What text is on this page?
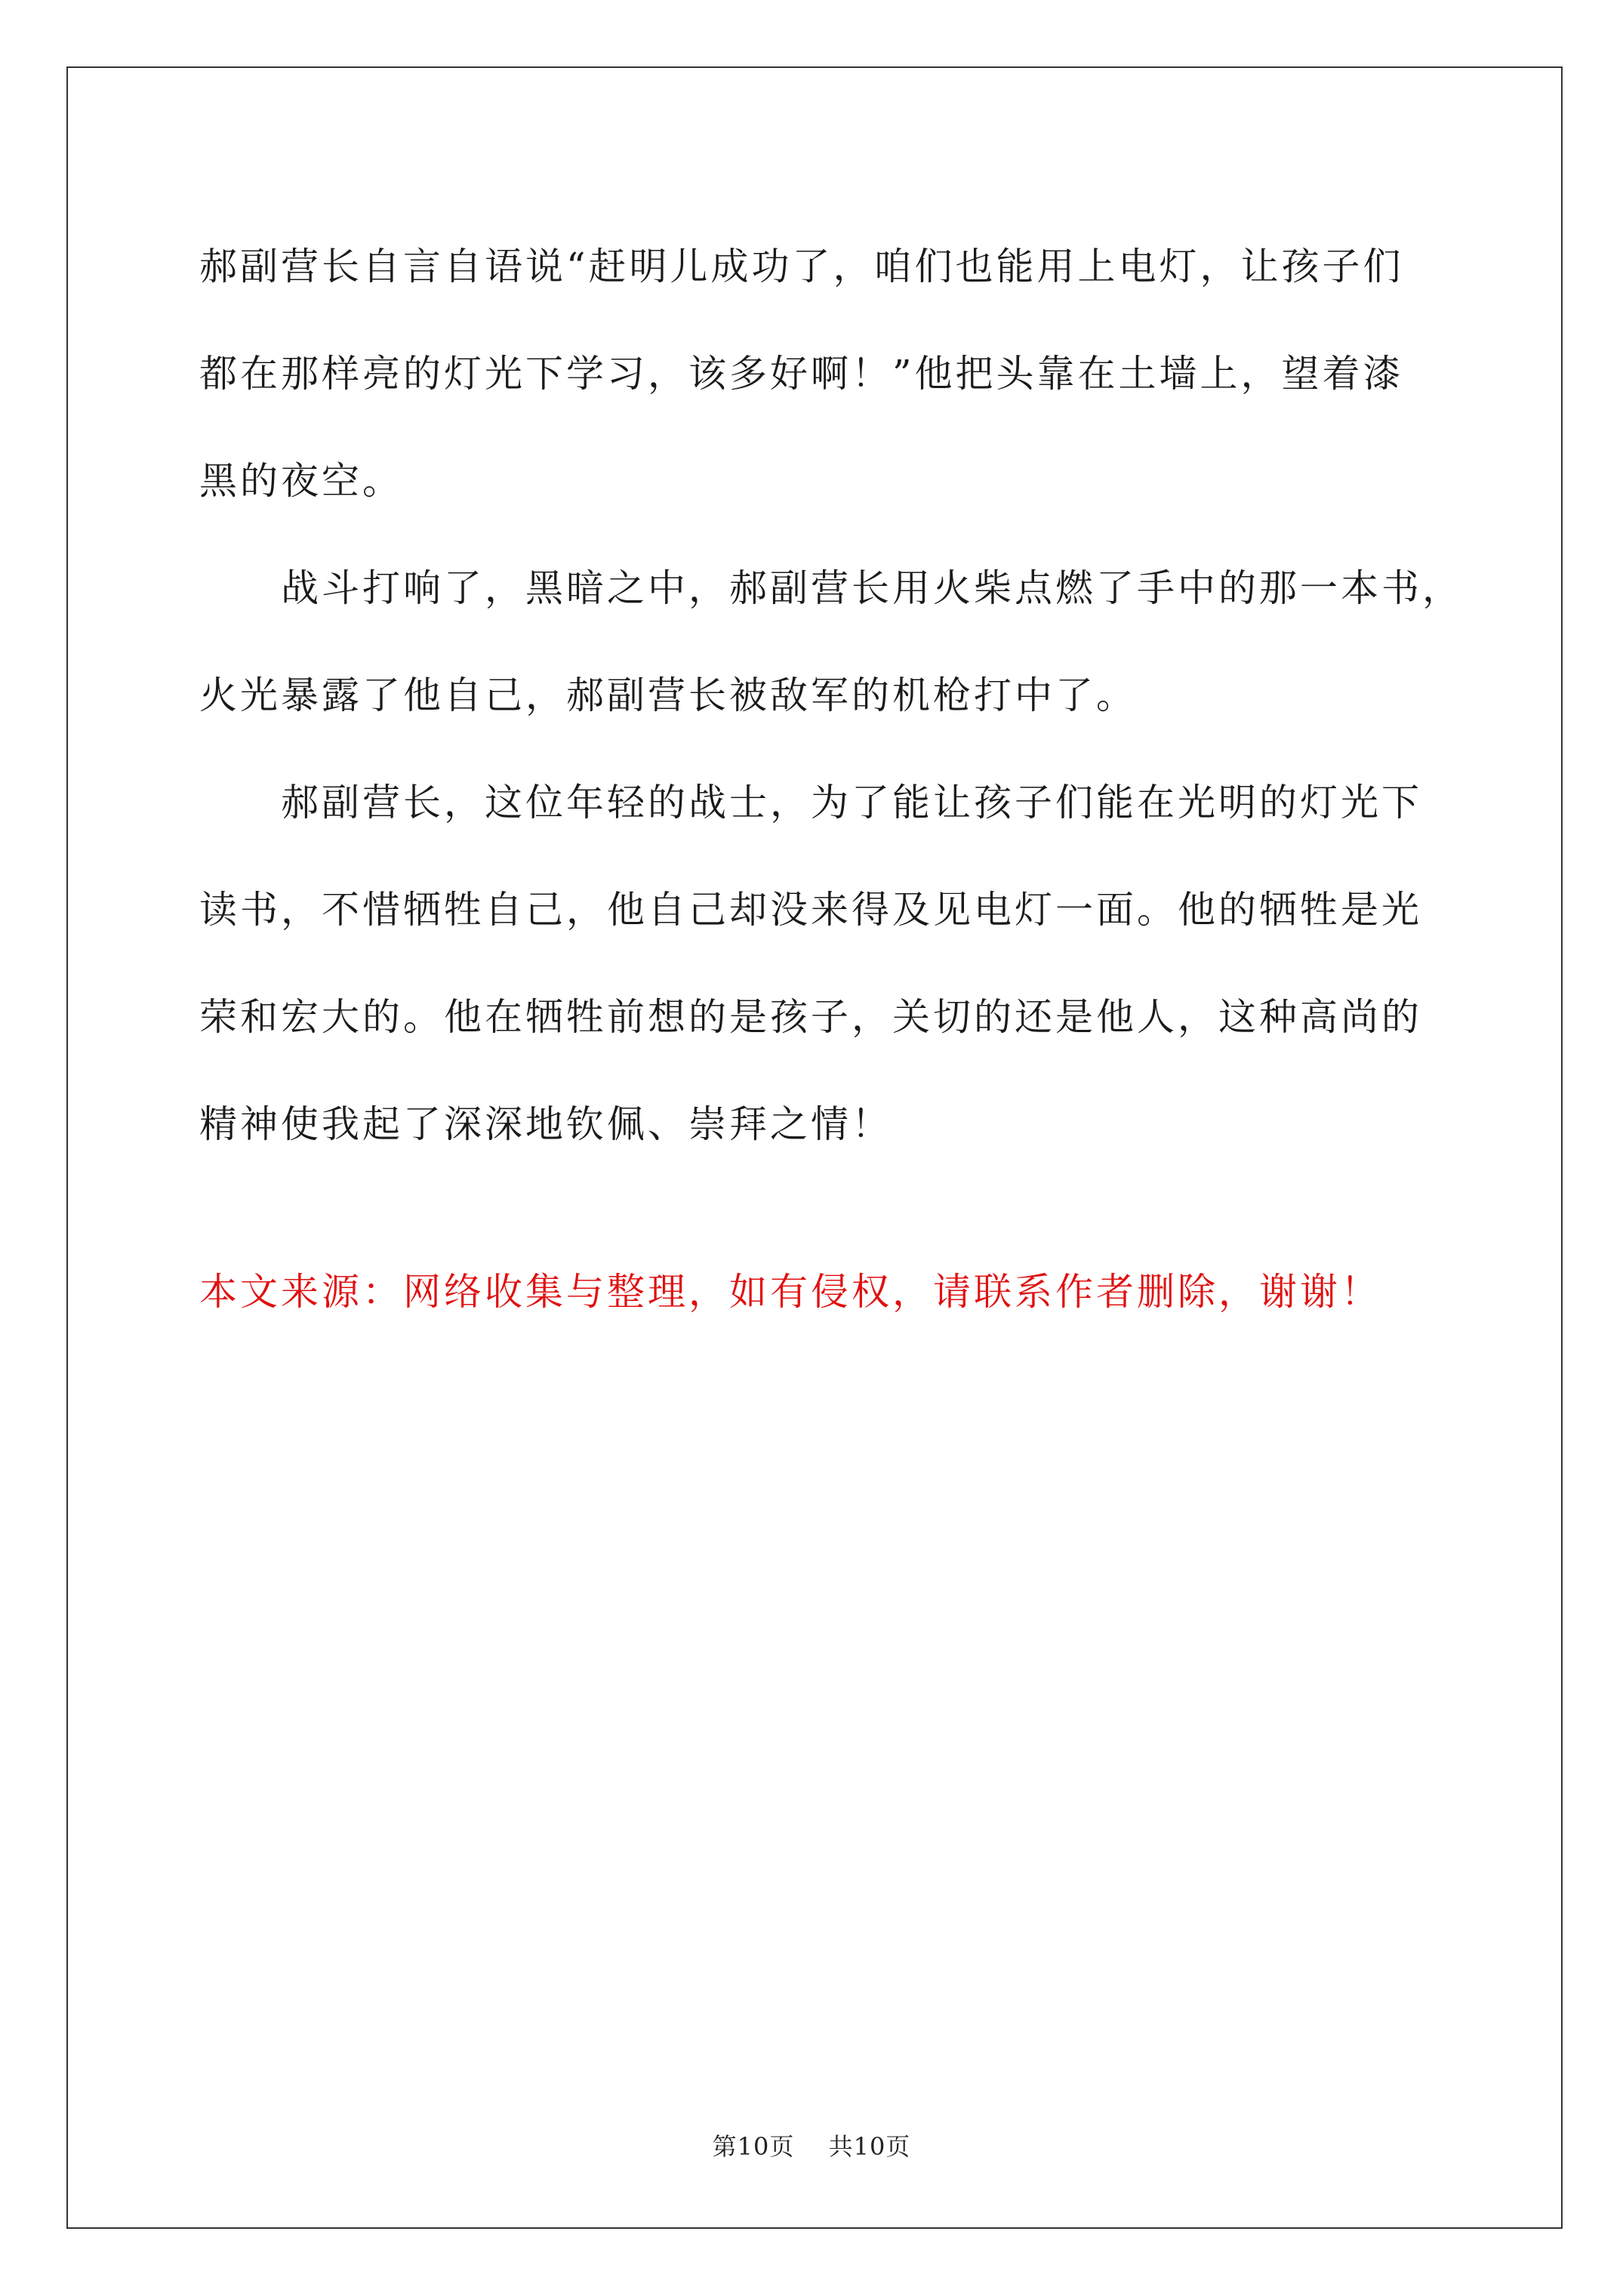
郝副营长自言自语说“赶明儿成功了，咱们也能用上电灯，让孩子们
都在那样亮的灯光下学习，该多好啊！”他把头靠在土墙上，望着漆
黑的夜空。

战斗打响了，黑暗之中，郝副营长用火柴点燃了手中的那一本书，
火光暴露了他自己，郝副营长被敌军的机枪打中了。

郝副营长，这位年轻的战士，为了能让孩子们能在光明的灯光下
读书，不惜牺牲自己，他自己却没来得及见电灯一面。他的牺牲是光
荣和宏大的。他在牺牲前想的是孩子，关切的还是他人，这种高尚的
精神使我起了深深地钦佩、崇拜之情！

本文来源：网络收集与整理，如有侵权，请联系作者删除，谢谢！
第10页 共10页
